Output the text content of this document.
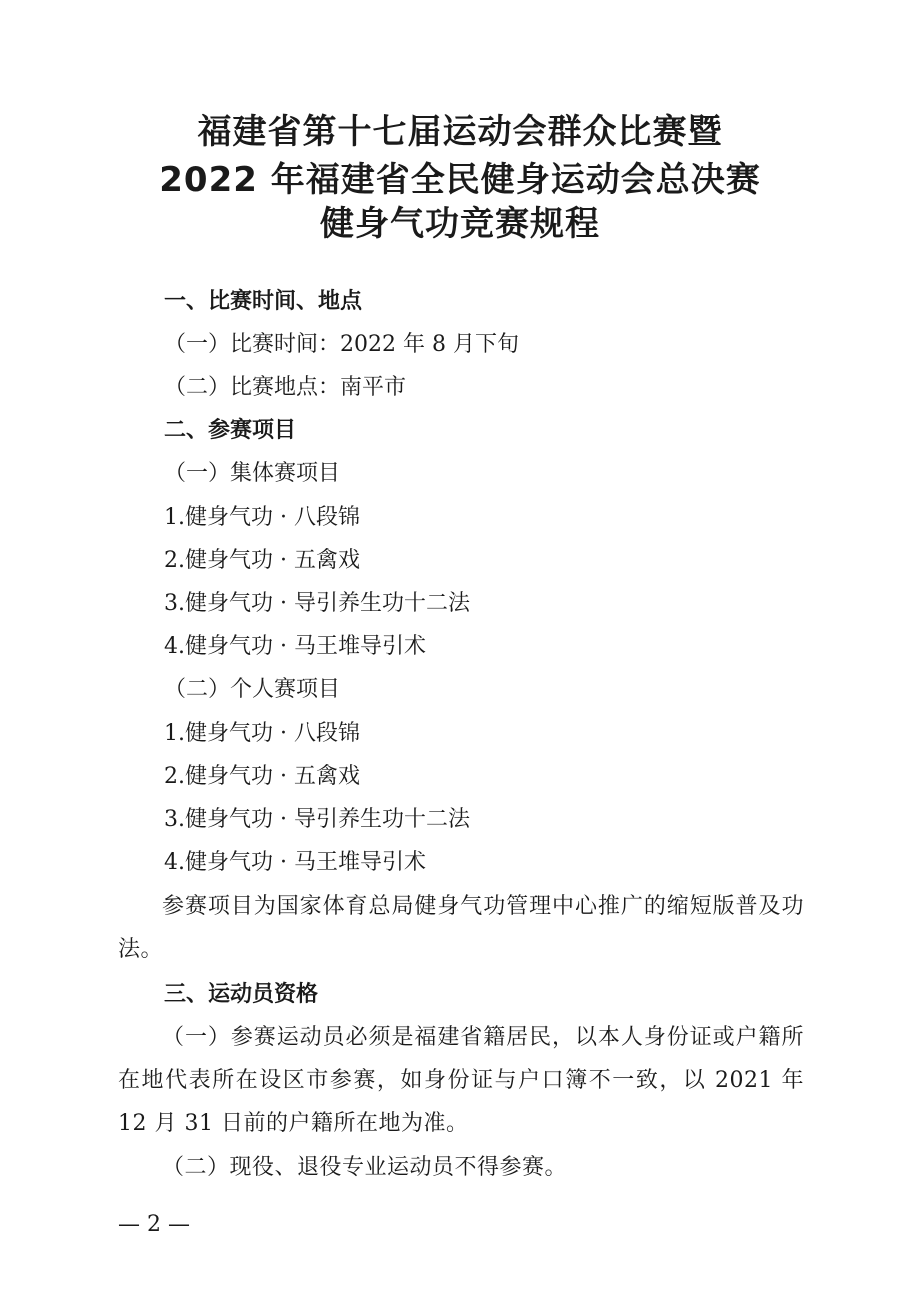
福建省第十七届运动会群众比赛暨
2022 年福建省全民健身运动会总决赛
健身气功竞赛规程
一、比赛时间、地点
（一）比赛时间：2022 年 8 月下旬
（二）比赛地点：南平市
二、参赛项目
（一）集体赛项目
1.健身气功 · 八段锦
2.健身气功 · 五禽戏
3.健身气功 · 导引养生功十二法
4.健身气功 · 马王堆导引术
（二）个人赛项目
1.健身气功 · 八段锦
2.健身气功 · 五禽戏
3.健身气功 · 导引养生功十二法
4.健身气功 · 马王堆导引术
参赛项目为国家体育总局健身气功管理中心推广的缩短版普及功法。
三、运动员资格
（一）参赛运动员必须是福建省籍居民，以本人身份证或户籍所在地代表所在设区市参赛，如身份证与户口簿不一致，以 2021 年 12 月 31 日前的户籍所在地为准。
（二）现役、退役专业运动员不得参赛。
— 2 —
